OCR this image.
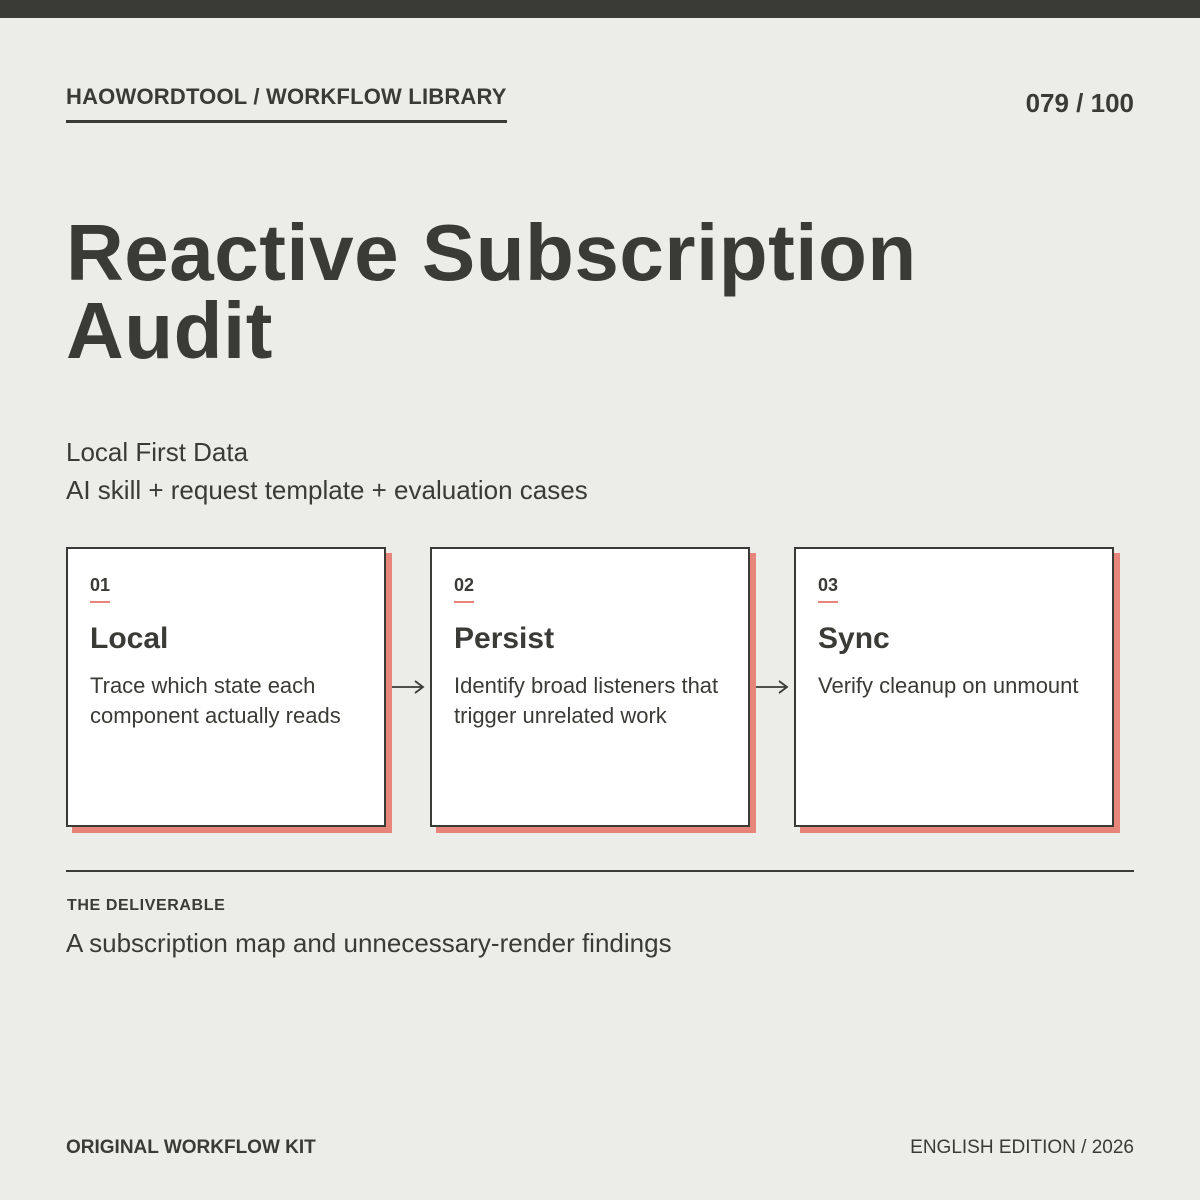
HAOWORDTOOL / WORKFLOW LIBRARY	079 / 100
Reactive Subscription
Audit
Local First Data
AI skill + request template + evaluation cases
01
Local
Trace which state each component actually reads
02
Persist
Identify broad listeners that trigger unrelated work
03
Sync
Verify cleanup on unmount
THE DELIVERABLE
A subscription map and unnecessary-render findings
ORIGINAL WORKFLOW KIT	ENGLISH EDITION / 2026
